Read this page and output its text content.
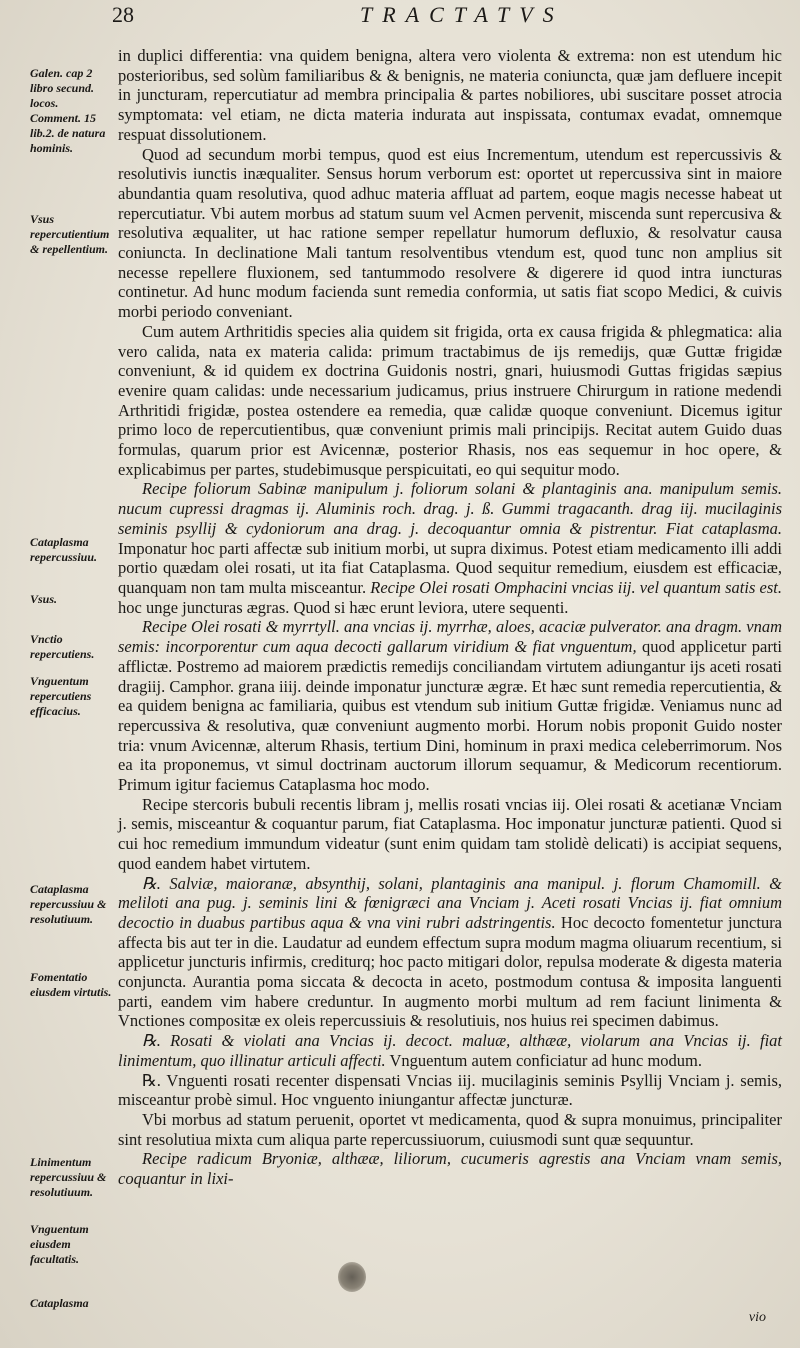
28	TRACTATVS
Galen. cap 2 libro secund. locos. Comment. 15 lib.2. de natura hominis.
Vsus repercutientium & repellentium.
Cataplasma repercussiuu.
Vsus.
Vnctio repercutiens.
Vnguentum repercutiens efficacius.
Cataplasma repercussiuu & resolutiuum.
Fomentatio eiusdem virtutis.
Linimentum repercussiuu & resolutiuum.
Vnguentum eiusdem facultatis.
Cataplasma

in duplici differentia: vna quidem benigna, altera vero violenta & extrema: non est utendum hic posterioribus, sed solùm familiaribus & & benignis, ne materia coniuncta, quæ jam defluere incepit in juncturam, repercutiatur ad membra principalia & partes nobiliores, ubi suscitare posset atrocia symptomata: vel etiam, ne dicta materia indurata aut inspissata, contumax evadat, omnemque respuat dissolutionem.

Quod ad secundum morbi tempus, quod est eius Incrementum, utendum est repercussivis & resolutivis iunctis inæqualiter. Sensus horum verborum est: oportet ut repercussiva sint in maiore abundantia quam resolutiva, quod adhuc materia affluat ad partem, eoque magis necesse habeat ut repercutiatur. Vbi autem morbus ad statum suum vel Acmen pervenit, miscenda sunt repercusiva & resolutiva æqualiter, ut hac ratione semper repellatur humorum defluxio, & resolvatur causa coniuncta. In declinatione Mali tantum resolventibus vtendum est, quod tunc non amplius sit necesse repellere fluxionem, sed tantummodo resolvere & digerere id quod intra iuncturas continetur. Ad hunc modum facienda sunt remedia conformia, ut satis fiat scopo Medici, & cuivis morbi periodo conveniant.

Cum autem Arthritidis species alia quidem sit frigida, orta ex causa frigida & phlegmatica: alia vero calida, nata ex materia calida: primum tractabimus de ijs remedijs, quæ Guttæ frigidæ conveniunt, & id quidem ex doctrina Guidonis nostri, gnari, huiusmodi Guttas frigidas sæpius evenire quam calidas: unde necessarium judicamus, prius instruere Chirurgum in ratione medendi Arthritidi frigidæ, postea ostendere ea remedia, quæ calidæ quoque conveniunt. Dicemus igitur primo loco de repercutientibus, quæ conveniunt primis mali principijs. Recitat autem Guido duas formulas, quarum prior est Avicennæ, posterior Rhasis, nos eas sequemur in hoc opere, & explicabimus per partes, studebimusque perspicuitati, eo qui sequitur modo.

Recipe foliorum Sabinæ manipulum j. foliorum solani & plantaginis ana. manipulum semis. nucum cupressi dragmas ij. Aluminis roch. drag. j. ß. Gummi tragacanth. drag iij. mucilaginis seminis psyllij & cydoniorum ana drag. j. decoquantur omnia & pistrentur. Fiat cataplasma. Imponatur hoc parti affectæ sub initium morbi, ut supra diximus. Potest etiam medicamento illi addi portio quædam olei rosati, ut ita fiat Cataplasma. Quod sequitur remedium, eiusdem est efficaciæ, quanquam non tam multa misceantur. Recipe Olei rosati Omphacini vncias iij. vel quantum satis est. hoc unge juncturas ægras. Quod si hæc erunt leviora, utere sequenti.

Recipe Olei rosati & myrrtyll. ana vncias ij. myrrhæ, aloes, acaciæ pulverator. ana dragm. vnam semis: incorporentur cum aqua decocti gallarum viridium & fiat vnguentum, quod applicetur parti afflictæ. Postremo ad maiorem prædictis remedijs conciliandam virtutem adiungantur ijs aceti rosati dragiij. Camphor. grana iiij. deinde imponatur juncturæ ægræ. Et hæc sunt remedia repercutientia, & ea quidem benigna ac familiaria, quibus est vtendum sub initium Guttæ frigidæ. Veniamus nunc ad repercussiva & resolutiva, quæ conveniunt augmento morbi. Horum nobis proponit Guido noster tria: vnum Avicennæ, alterum Rhasis, tertium Dini, hominum in praxi medica celeberrimorum. Nos ea ita proponemus, vt simul doctrinam auctorum illorum sequamur, & Medicorum recentiorum. Primum igitur faciemus Cataplasma hoc modo.

Recipe stercoris bubuli recentis libram j, mellis rosati vncias iij. Olei rosati & acetianæ Vnciam j. semis, misceantur & coquantur parum, fiat Cataplasma. Hoc imponatur juncturæ patienti. Quod si cui hoc remedium immundum videatur (sunt enim quidam tam stolidè delicati) is accipiat sequens, quod eandem habet virtutem.

℞. Salviæ, maioranæ, absynthij, solani, plantaginis ana manipul. j. florum Chamomill. & meliloti ana pug. j. seminis lini & fœnigræci ana Vnciam j. Aceti rosati Vncias ij. fiat omnium decoctio in duabus partibus aqua & vna vini rubri adstringentis. Hoc decocto fomentetur junctura affecta bis aut ter in die. Laudatur ad eundem effectum supra modum magma oliuarum recentium, si applicetur juncturis infirmis, crediturq; hoc pacto mitigari dolor, repulsa moderate & digesta materia conjuncta. Aurantia poma siccata & decocta in aceto, postmodum contusa & imposita languenti parti, eandem vim habere creduntur. In augmento morbi multum ad rem faciunt linimenta & Vnctiones compositæ ex oleis repercussiuis & resolutiuis, nos huius rei specimen dabimus.

℞. Rosati & violati ana Vncias ij. decoct. maluæ, althææ, violarum ana Vncias ij. fiat linimentum, quo illinatur articuli affecti. Vnguentum autem conficiatur ad hunc modum.

℞. Vnguenti rosati recenter dispensati Vncias iij. mucilaginis seminis Psyllij Vnciam j. semis, misceantur probè simul. Hoc vnguento iniungantur affectæ juncturæ.

Vbi morbus ad statum peruenit, oportet vt medicamenta, quod & supra monuimus, principaliter sint resolutiua mixta cum aliqua parte repercussiuorum, cuiusmodi sunt quæ sequuntur.

Recipe radicum Bryoniæ, althææ, liliorum, cucumeris agrestis ana Vnciam vnam semis, coquantur in lixi-

vio
